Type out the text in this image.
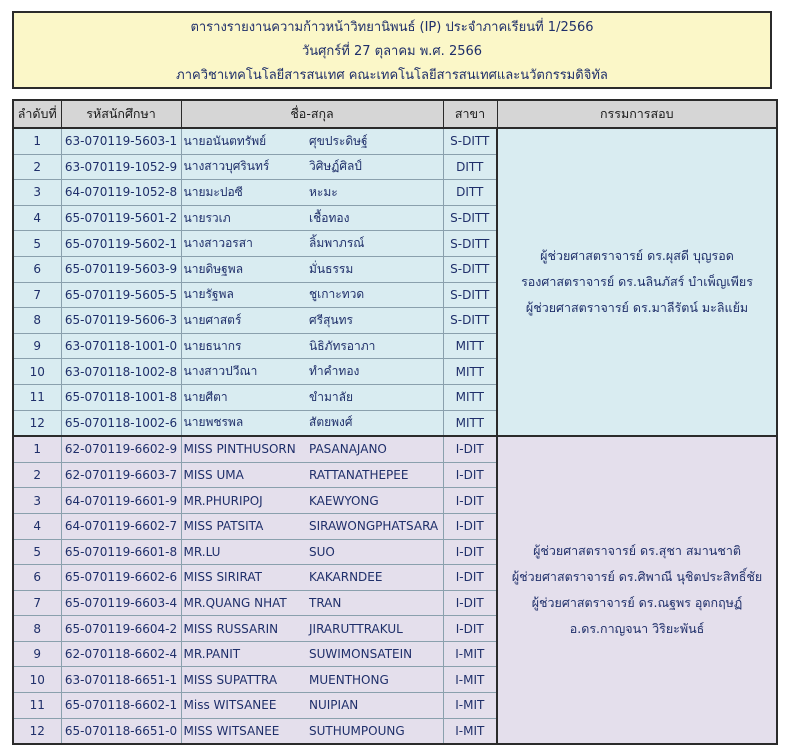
ตารางรายงานความก้าวหน้าวิทยานิพนธ์ (IP) ประจำภาคเรียนที่ 1/2566
วันศุกร์ที่ 27 ตุลาคม พ.ศ. 2566
ภาควิชาเทคโนโลยีสารสนเทศ คณะเทคโนโลยีสารสนเทศและนวัตกรรมดิจิทัล
ลำดับที่	รหัสนักศึกษา	ชื่อ-สกุล		สาขา	กรรมการสอบ
1	63-070119-5603-1	นายอนันตทรัพย์	ศุขประดิษฐ์	S-DITT	ผู้ช่วยศาสตราจารย์ ดร.ผุสดี บุญรอด
รองศาสตราจารย์ ดร.นลินภัสร์ บำเพ็ญเพียร
ผู้ช่วยศาสตราจารย์ ดร.มาลีรัตน์ มะลิแย้ม

2	63-070119-1052-9	นางสาวบุศรินทร์	วิศิษฏ์ศิลป์	DITT	
3	64-070119-1052-8	นายมะปอซี	หะมะ	DITT	
4	65-070119-5601-2	นายรวเภ	เชื้อทอง	S-DITT	
5	65-070119-5602-1	นางสาวอรสา	ลิ้มพาภรณ์	S-DITT	
6	65-070119-5603-9	นายดิษฐพล	มั่นธรรม	S-DITT	
7	65-070119-5605-5	นายรัฐพล	ชูเกาะทวด	S-DITT	
8	65-070119-5606-3	นายศาสตร์	ศรีสุนทร	S-DITT	
9	63-070118-1001-0	นายธนากร	นิธิภัทรอาภา	MITT	
10	63-070118-1002-8	นางสาวปวีณา	ทำคำทอง	MITT	
11	65-070118-1001-8	นายศีตา	ขำมาลัย	MITT	
12	65-070118-1002-6	นายพชรพล	สัตยพงศ์	MITT	
1	62-070119-6602-9	MISS PINTHUSORN	PASANAJANO	I-DIT	ผู้ช่วยศาสตราจารย์ ดร.สุชา สมานชาติ
ผู้ช่วยศาสตราจารย์ ดร.ศิพาณี นุชิตประสิทธิ์ชัย
ผู้ช่วยศาสตราจารย์ ดร.ณฐพร อุตกฤษฏ์
อ.ดร.กาญจนา วิริยะพันธ์

2	62-070119-6603-7	MISS UMA	RATTANATHEPEE	I-DIT	
3	64-070119-6601-9	MR.PHURIPOJ	KAEWYONG	I-DIT	
4	64-070119-6602-7	MISS PATSITA	SIRAWONGPHATSARA	I-DIT	
5	65-070119-6601-8	MR.LU	SUO	I-DIT	
6	65-070119-6602-6	MISS SIRIRAT	KAKARNDEE	I-DIT	
7	65-070119-6603-4	MR.QUANG NHAT	TRAN	I-DIT	
8	65-070119-6604-2	MISS RUSSARIN	JIRARUTTRAKUL	I-DIT	
9	62-070118-6602-4	MR.PANIT	SUWIMONSATEIN	I-MIT	
10	63-070118-6651-1	MISS SUPATTRA	MUENTHONG	I-MIT	
11	65-070118-6602-1	Miss WITSANEE	NUIPIAN	I-MIT	
12	65-070118-6651-0	MISS WITSANEE	SUTHUMPOUNG	I-MIT	
